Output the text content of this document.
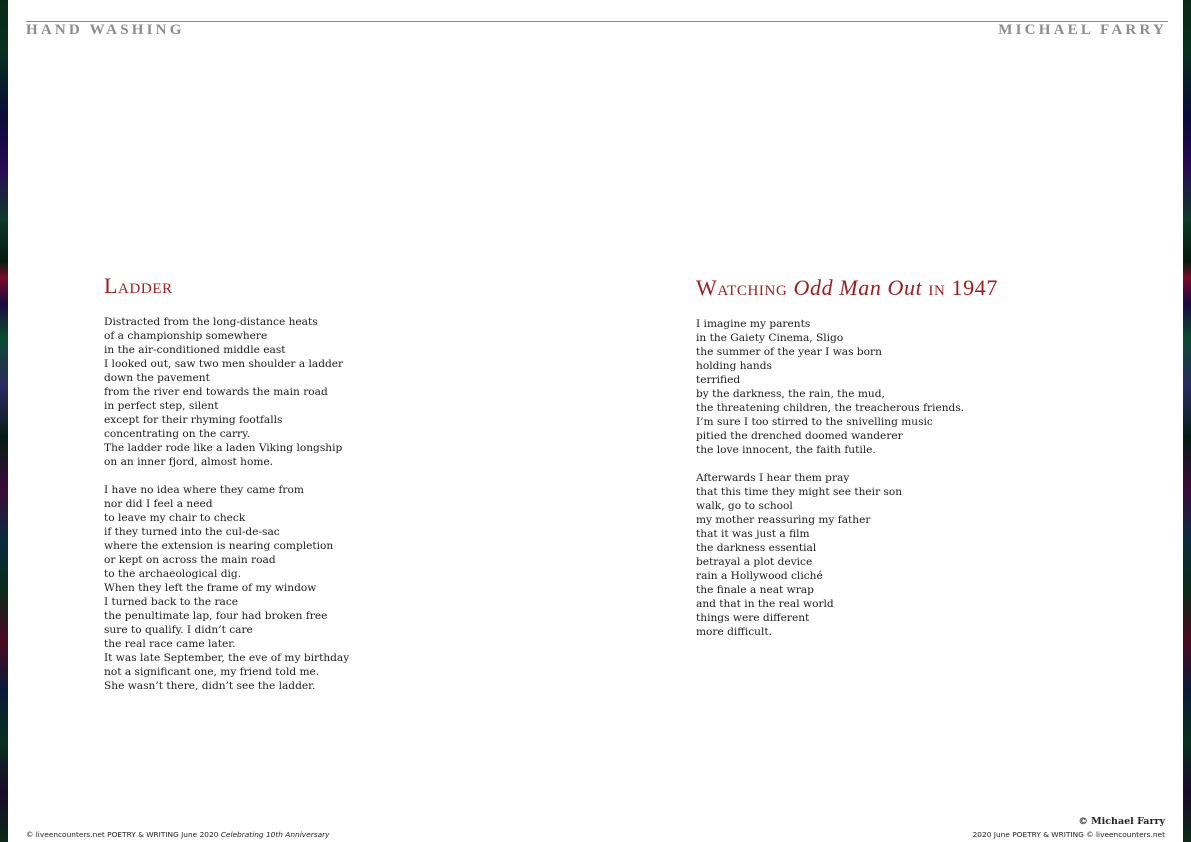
HAND WASHING	MICHAEL FARRY
Ladder
Distracted from the long-distance heats
of a championship somewhere
in the air-conditioned middle east
I looked out, saw two men shoulder a ladder
down the pavement
from the river end towards the main road
in perfect step, silent
except for their rhyming footfalls
concentrating on the carry.
The ladder rode like a laden Viking longship
on an inner fjord, almost home.
I have no idea where they came from
nor did I feel a need
to leave my chair to check
if they turned into the cul-de-sac
where the extension is nearing completion
or kept on across the main road
to the archaeological dig.
When they left the frame of my window
I turned back to the race
the penultimate lap, four had broken free
sure to qualify. I didn’t care
the real race came later.
It was late September, the eve of my birthday
not a significant one, my friend told me.
She wasn’t there, didn’t see the ladder.
Watching Odd Man Out in 1947
I imagine my parents
in the Gaiety Cinema, Sligo
the summer of the year I was born
holding hands
terrified
by the darkness, the rain, the mud,
the threatening children, the treacherous friends.
I’m sure I too stirred to the snivelling music
pitied the drenched doomed wanderer
the love innocent, the faith futile.
Afterwards I hear them pray
that this time they might see their son
walk, go to school
my mother reassuring my father
that it was just a film
the darkness essential
betrayal a plot device
rain a Hollywood cliché
the finale a neat wrap
and that in the real world
things were different
more difficult.
© liveencounters.net POETRY & WRITING June 2020 Celebrating 10th Anniversary
© Michael Farry
2020 June POETRY & WRITING © liveencounters.net
